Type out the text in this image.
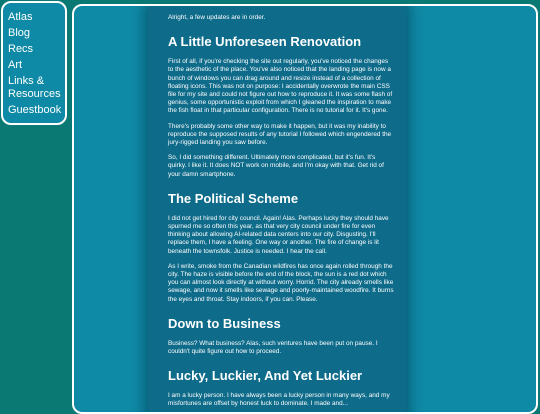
Atlas
Blog
Recs
Art
Links & Resources
Guestbook

Alright, a few updates are in order.

A Little Unforeseen Renovation

First of all, if you're checking the site out regularly, you've noticed the changes to the aesthetic of the place. You've also noticed that the landing page is now a bunch of windows you can drag around and resize instead of a collection of floating icons. This was not on purpose: I accidentally overwrote the main CSS file for my site and could not figure out how to reproduce it. It was some flash of genius, some opportunistic exploit from which I gleaned the inspiration to make the fish float in that particular configuration. There is no tutorial for it. It's gone.

There's probably some other way to make it happen, but it was my inability to reproduce the supposed results of any tutorial I followed which engendered the jury-rigged landing you saw before.

So, I did something different. Ultimately more complicated, but it's fun. It's quirky. I like it. It does NOT work on mobile, and I'm okay with that. Get rid of your damn smartphone.

The Political Scheme

I did not get hired for city council. Again! Alas. Perhaps lucky they should have spurned me so often this year, as that very city council under fire for even thinking about allowing AI-related data centers into our city. Disgusting. I'll replace them, I have a feeling. One way or another. The fire of change is lit beneath the townsfolk. Justice is needed. I hear the call.

As I write, smoke from the Canadian wildfires has once again rolled through the city. The haze is visible before the end of the block, the sun is a red dot which you can almost look directly at without worry. Horrid. The city already smells like sewage, and now it smells like sewage and poorly-maintained woodfire. It burns the eyes and throat. Stay indoors, if you can. Please.

Down to Business

Business? What business? Alas, such ventures have been put on pause. I couldn't quite figure out how to proceed.

Lucky, Luckier, And Yet Luckier

I am a lucky person. I have always been a lucky person in many ways, and my misfortunes are offset by honest luck to dominate. I made and...
